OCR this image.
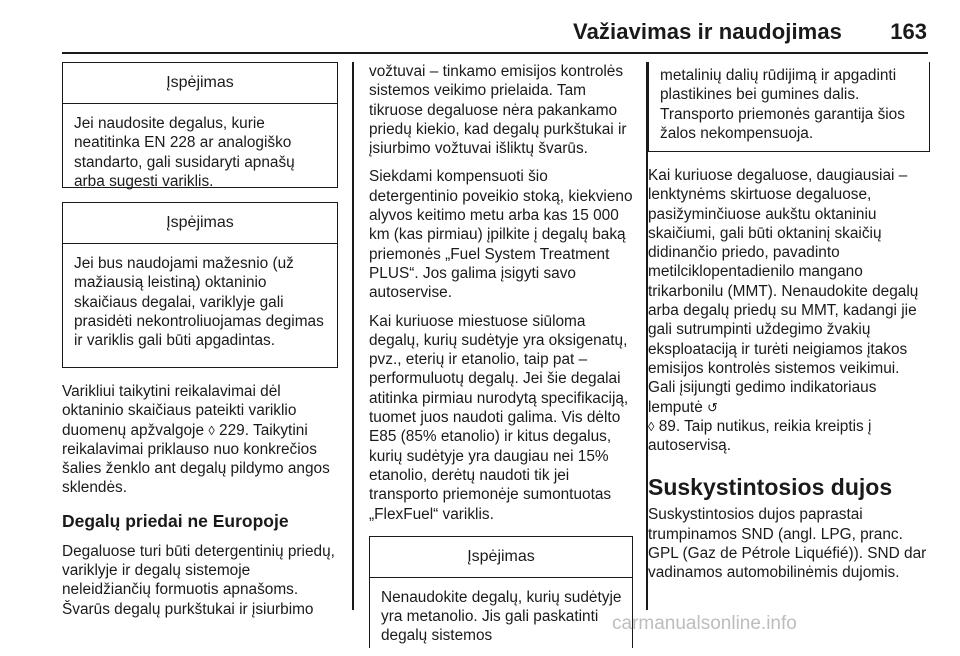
Važiavimas ir naudojimas 163
Įspėjimas
Jei naudosite degalus, kurie neatitinka EN 228 ar analogiško standarto, gali susidaryti apnašų arba sugesti variklis.
Įspėjimas
Jei bus naudojami mažesnio (už mažiausią leistiną) oktaninio skaičiaus degalai, variklyje gali prasidėti nekontroliuojamas degimas ir variklis gali būti apgadintas.

Varikliui taikytini reikalavimai dėl oktaninio skaičiaus pateikti variklio duomenų apžvalgoje ◊ 229. Taikytini reikalavimai priklauso nuo konkrečios šalies ženklo ant degalų pildymo angos sklendės.

Degalų priedai ne Europoje

Degaluose turi būti detergentinių priedų, variklyje ir degalų sistemoje neleidžiančių formuotis apnašoms. Švarūs degalų purkštukai ir įsiurbimo

vožtuvai – tinkamo emisijos kontrolės sistemos veikimo prielaida. Tam tikruose degaluose nėra pakankamo priedų kiekio, kad degalų purkštukai ir įsiurbimo vožtuvai išliktų švarūs.

Siekdami kompensuoti šio detergentinio poveikio stoką, kiekvieno alyvos keitimo metu arba kas 15 000 km (kas pirmiau) įpilkite į degalų baką priemonės „Fuel System Treatment PLUS“. Jos galima įsigyti savo autoservise.

Kai kuriuose miestuose siūloma degalų, kurių sudėtyje yra oksigenatų, pvz., eterių ir etanolio, taip pat – performuluotų degalų. Jei šie degalai atitinka pirmiau nurodytą specifikaciją, tuomet juos naudoti galima. Vis dėlto E85 (85% etanolio) ir kitus degalus, kurių sudėtyje yra daugiau nei 15% etanolio, derėtų naudoti tik jei transporto priemonėje sumontuotas „FlexFuel“ variklis.

Įspėjimas
Nenaudokite degalų, kurių sudėtyje yra metanolio. Jis gali paskatinti degalų sistemos
metalinių dalių rūdijimą ir apgadinti plastikines bei gumines dalis. Transporto priemonės garantija šios žalos nekompensuoja.

Kai kuriuose degaluose, daugiausiai – lenktynėms skirtuose degaluose, pasižyminčiuose aukštu oktaniniu skaičiumi, gali būti oktaninį skaičių didinančio priedo, pavadinto metilciklopentadienilo mangano trikarbonilu (MMT). Nenaudokite degalų arba degalų priedų su MMT, kadangi jie gali sutrumpinti uždegimo žvakių eksploataciją ir turėti neigiamos įtakos emisijos kontrolės sistemos veikimui. Gali įsijungti gedimo indikatoriaus lemputė ↺
◊ 89. Taip nutikus, reikia kreiptis į autoservisą.

Suskystintosios dujos

Suskystintosios dujos paprastai trumpinamos SND (angl. LPG, pranc. GPL (Gaz de Pétrole Liquéfié)). SND dar vadinamos automobilinėmis dujomis.

carmanualsonline.info
